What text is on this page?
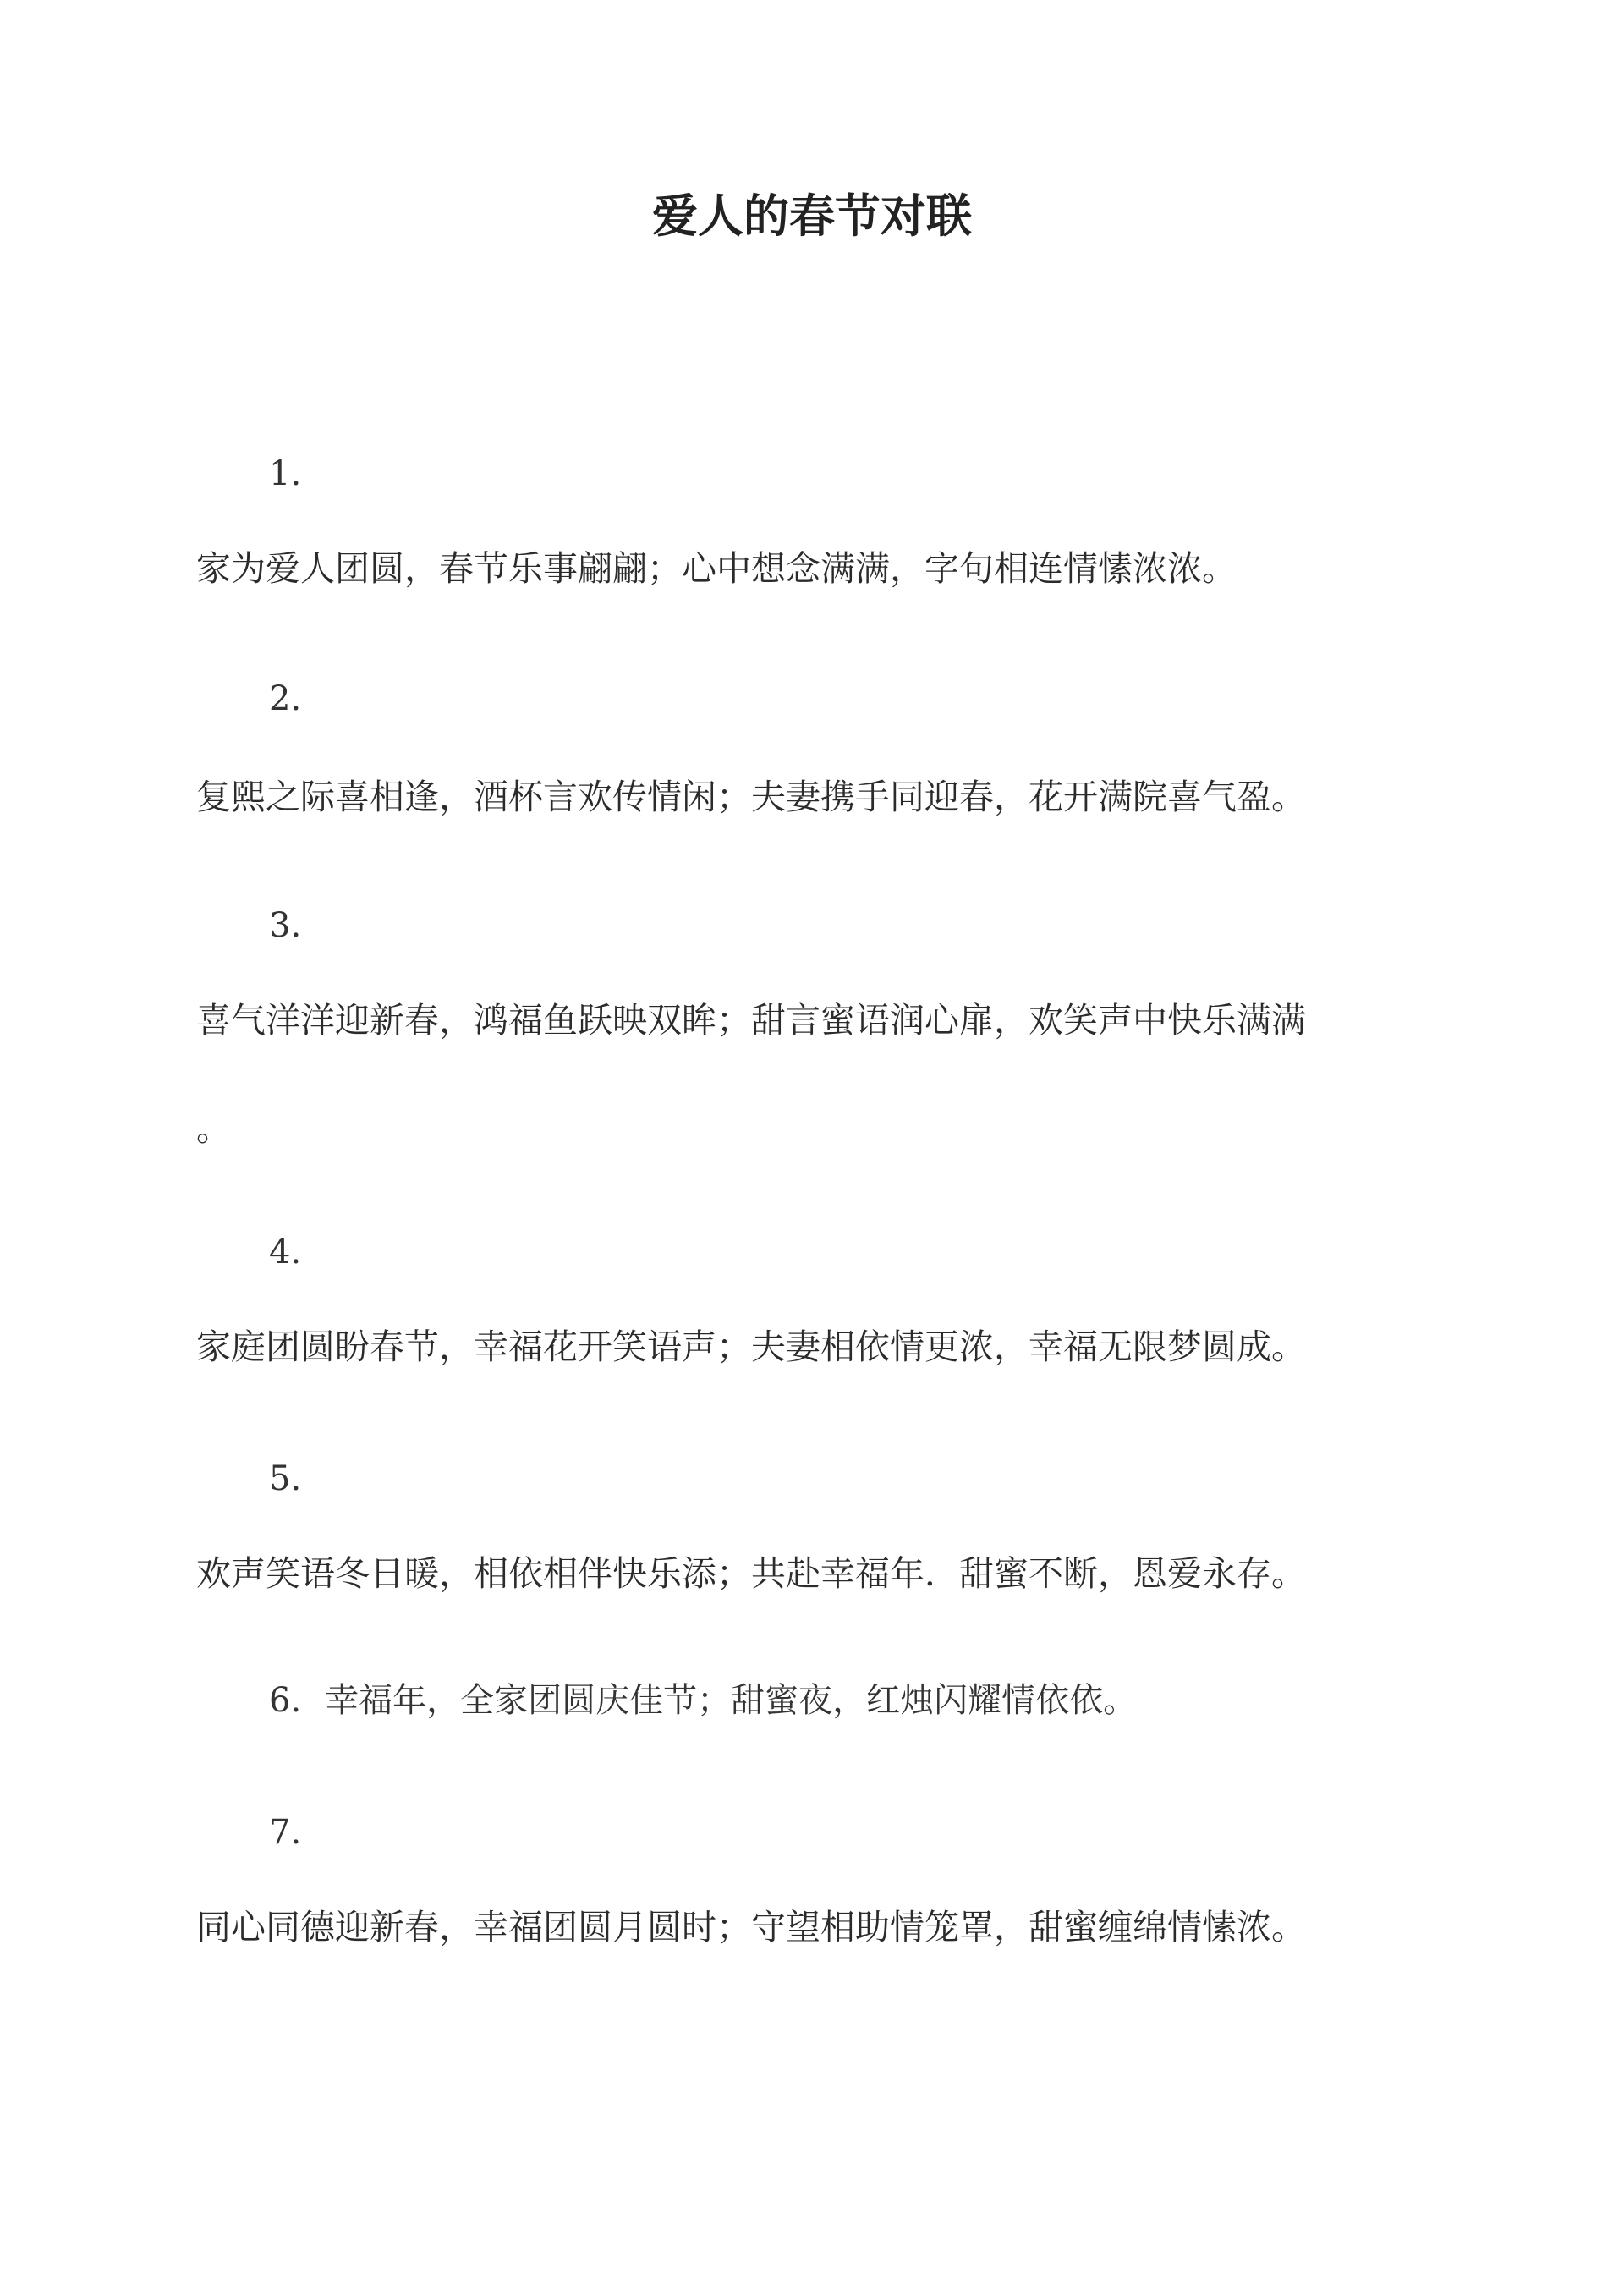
爱人的春节对联
1.
家为爱人团圆，春节乐事翩翩；心中想念满满，字句相连情愫浓浓。
2.
复熙之际喜相逢，酒杯言欢传情闲；夫妻携手同迎春，花开满院喜气盈。
3.
喜气洋洋迎新春，鸿福鱼跃映双眸；甜言蜜语润心扉，欢笑声中快乐满满
。
4.
家庭团圆盼春节，幸福花开笑语声；夫妻相依情更浓，幸福无限梦圆成。
5.
欢声笑语冬日暖，相依相伴快乐添；共赴幸福年．甜蜜不断，恩爱永存。
6. 幸福年，全家团圆庆佳节；甜蜜夜，红烛闪耀情依依。
7.
同心同德迎新春，幸福团圆月圆时；守望相助情笼罩，甜蜜缠绵情愫浓。
